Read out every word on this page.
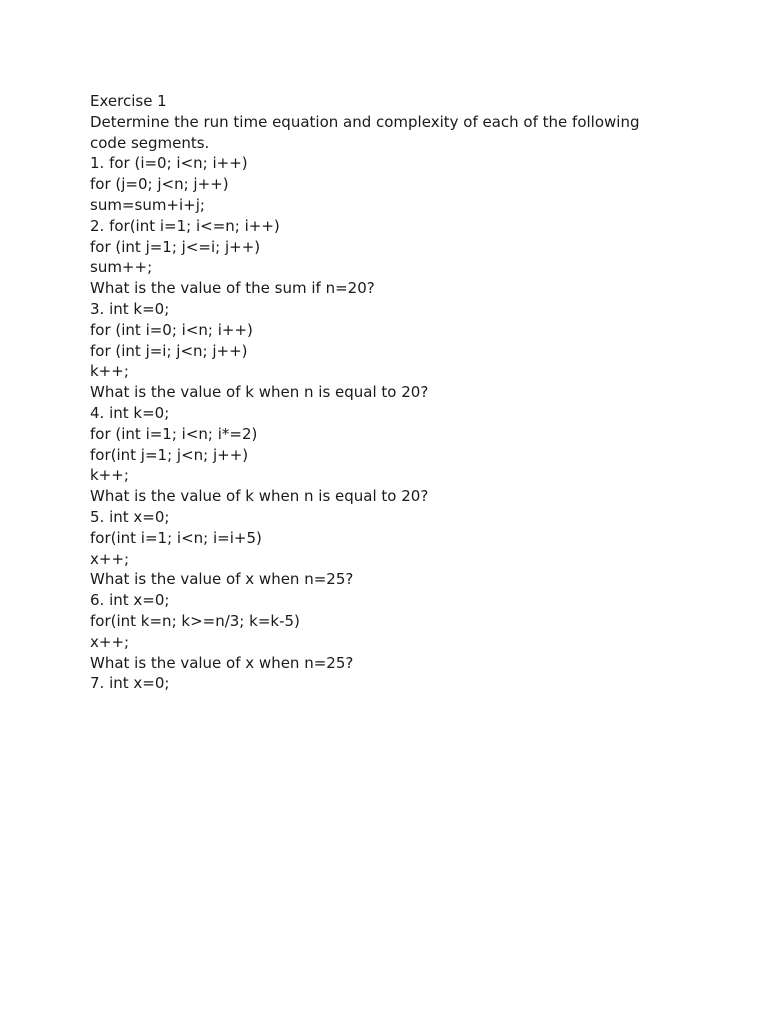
Exercise 1

Determine the run time equation and complexity of each of the following

code segments.

1. for (i=0; i<n; i++)

for (j=0; j<n; j++)

sum=sum+i+j;

2. for(int i=1; i<=n; i++)

for (int j=1; j<=i; j++)

sum++;

What is the value of the sum if n=20?

3. int k=0;

for (int i=0; i<n; i++)

for (int j=i; j<n; j++)

k++;

What is the value of k when n is equal to 20?

4. int k=0;

for (int i=1; i<n; i*=2)

for(int j=1; j<n; j++)

k++;

What is the value of k when n is equal to 20?

5. int x=0;

for(int i=1; i<n; i=i+5)

x++;

What is the value of x when n=25?

6. int x=0;

for(int k=n; k>=n/3; k=k-5)

x++;

What is the value of x when n=25?

7. int x=0;
